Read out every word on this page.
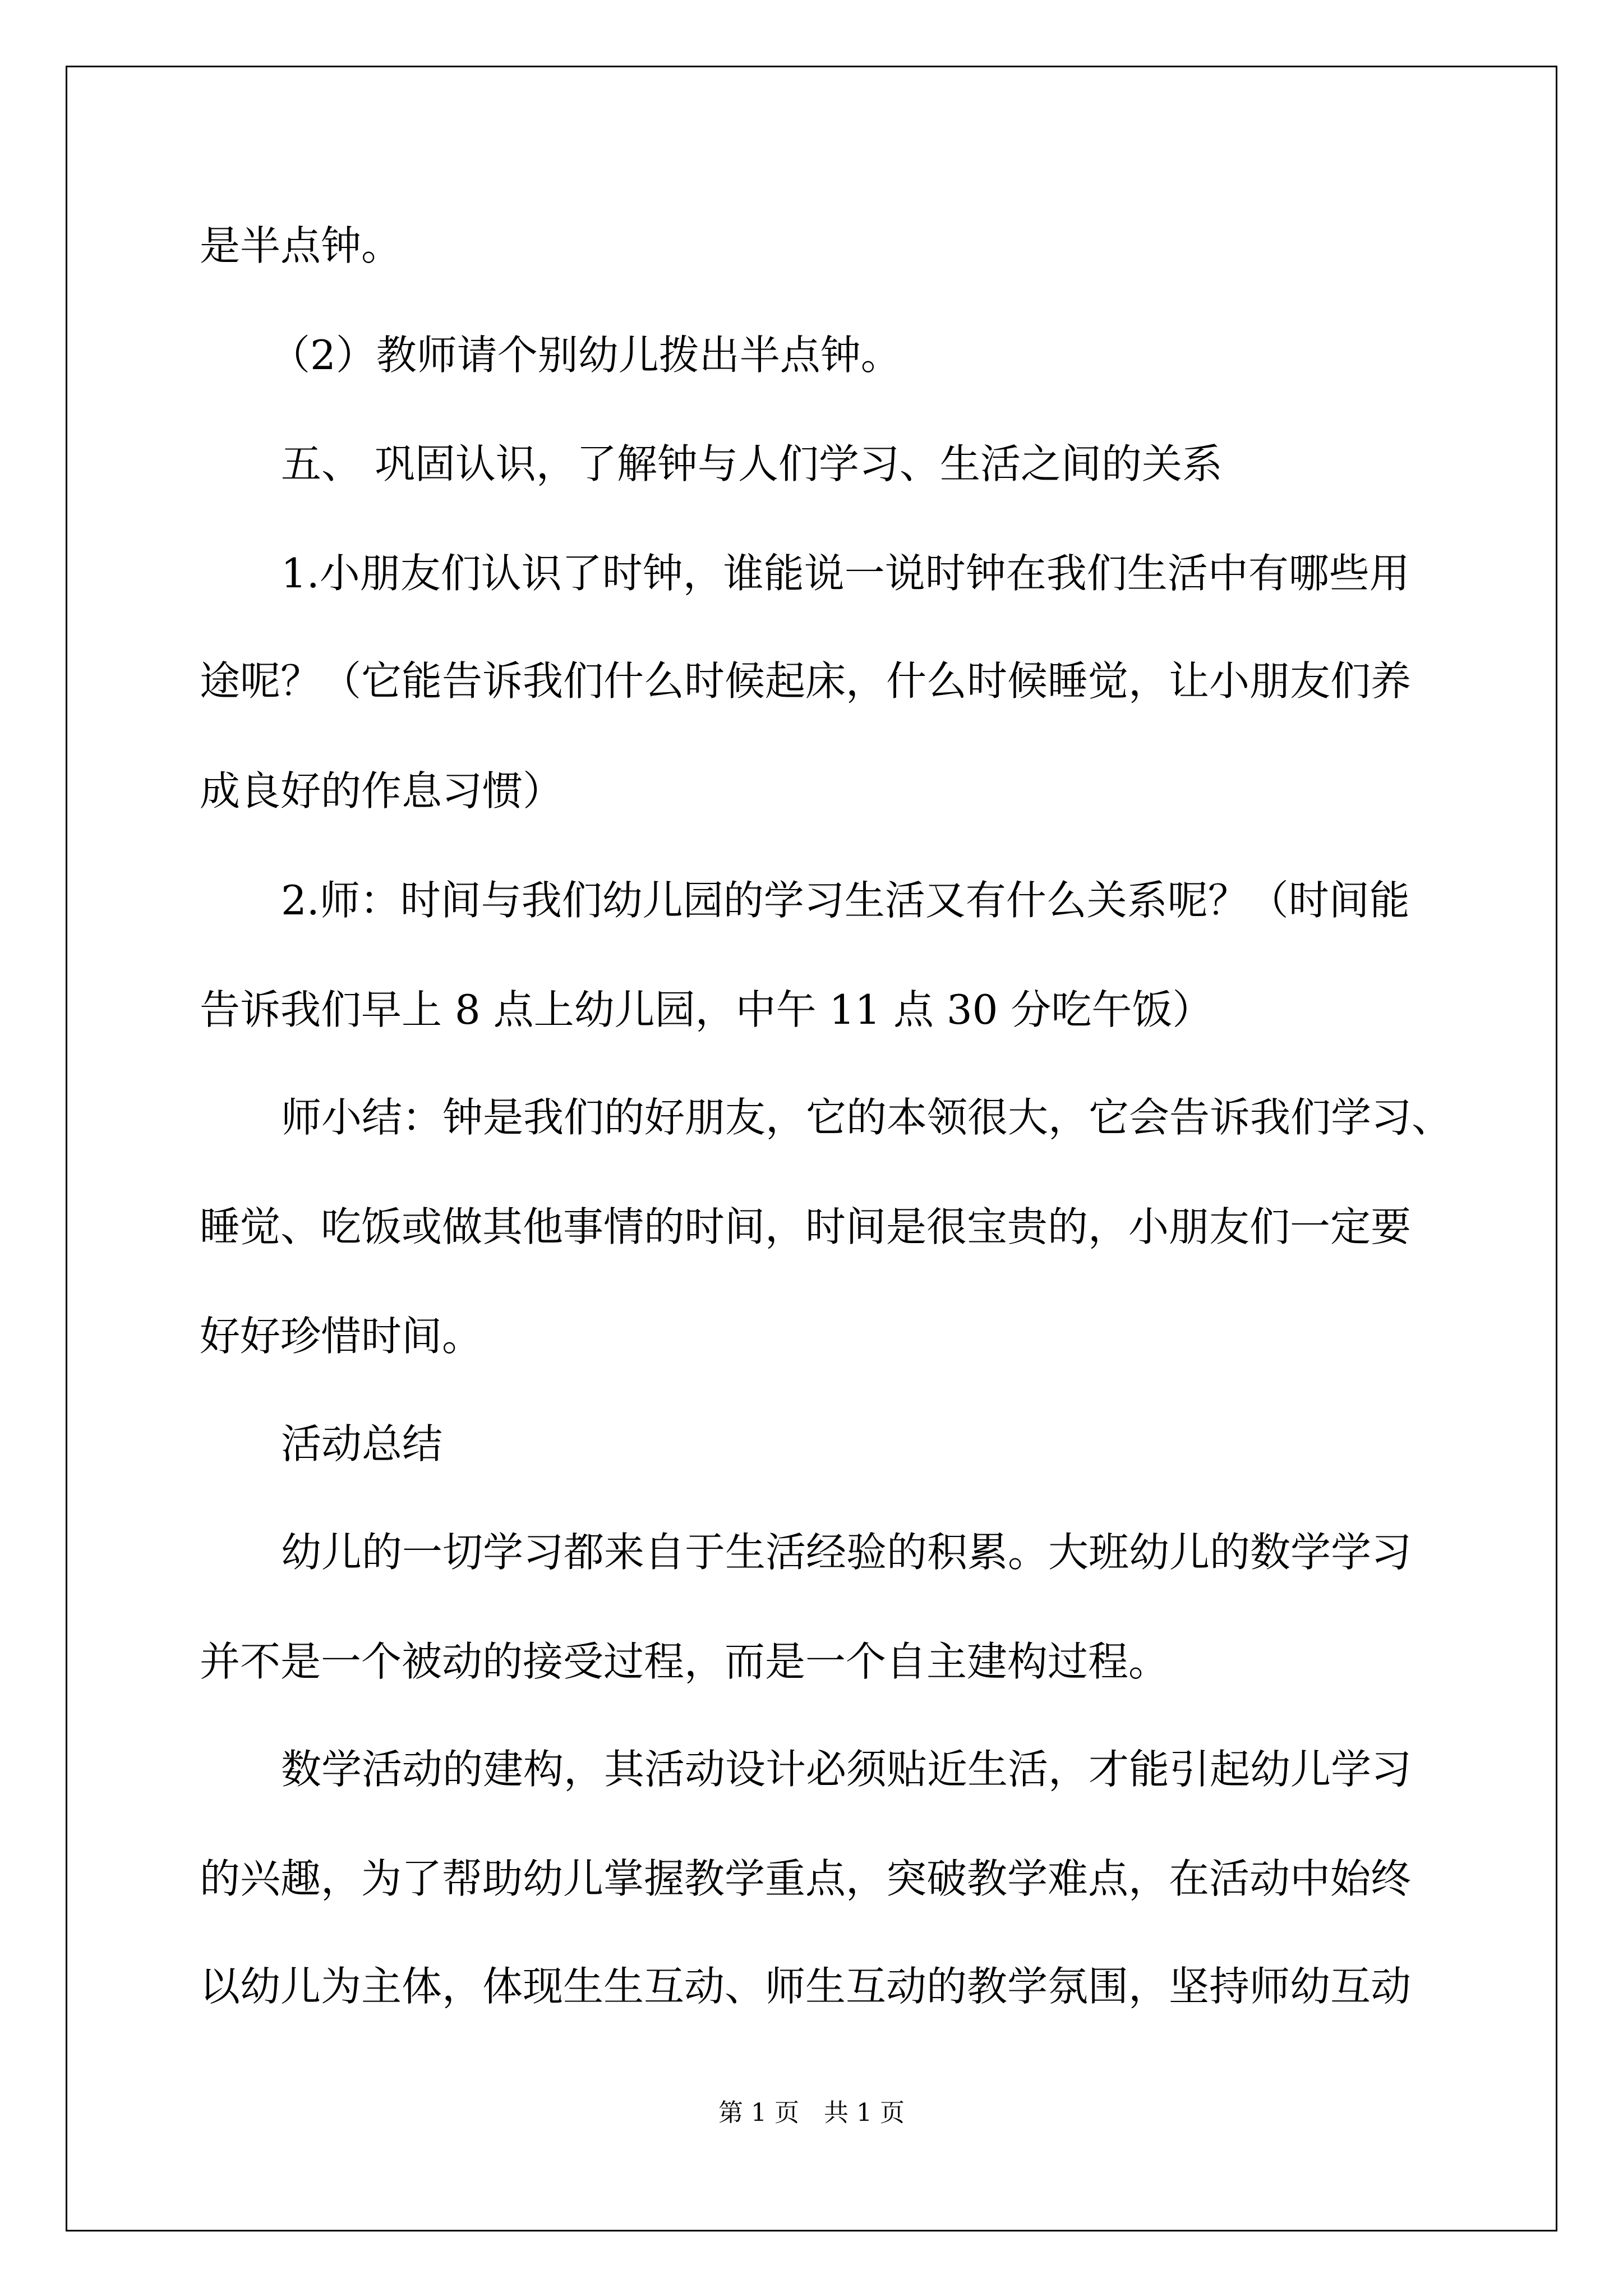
是半点钟。
（2）教师请个别幼儿拨出半点钟。
五、 巩固认识，了解钟与人们学习、生活之间的关系
1.小朋友们认识了时钟，谁能说一说时钟在我们生活中有哪些用
途呢？（它能告诉我们什么时候起床，什么时候睡觉，让小朋友们养
成良好的作息习惯）
2.师：时间与我们幼儿园的学习生活又有什么关系呢？（时间能
告诉我们早上 8 点上幼儿园，中午 11 点 30 分吃午饭）
师小结：钟是我们的好朋友，它的本领很大，它会告诉我们学习、
睡觉、吃饭或做其他事情的时间，时间是很宝贵的，小朋友们一定要
好好珍惜时间。
活动总结
幼儿的一切学习都来自于生活经验的积累。大班幼儿的数学学习
并不是一个被动的接受过程，而是一个自主建构过程。
数学活动的建构，其活动设计必须贴近生活，才能引起幼儿学习
的兴趣，为了帮助幼儿掌握教学重点，突破教学难点，在活动中始终
以幼儿为主体，体现生生互动、师生互动的教学氛围，坚持师幼互动
第 1 页　共 1 页
